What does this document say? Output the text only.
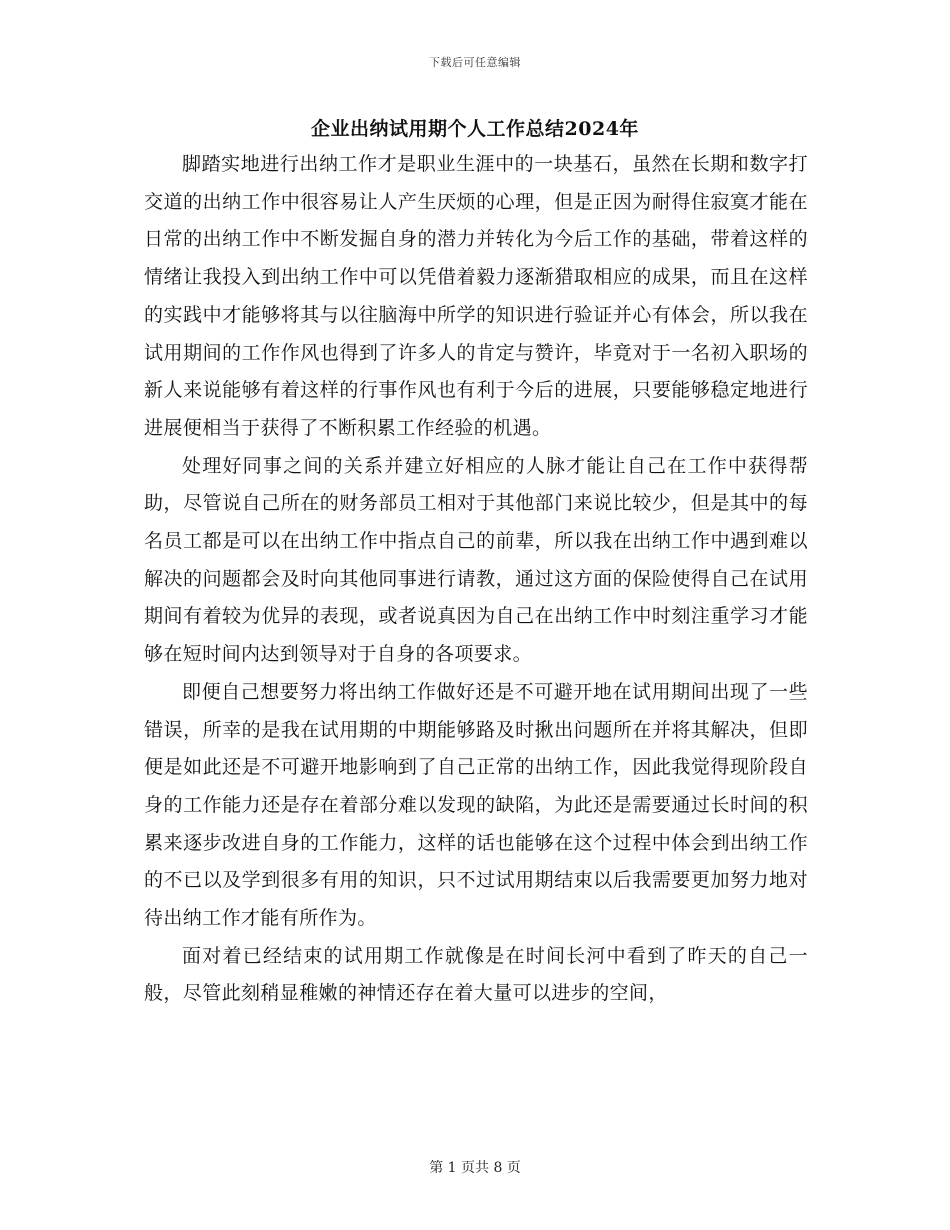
下载后可任意编辑
企业出纳试用期个人工作总结2024年

脚踏实地进行出纳工作才是职业生涯中的一块基石，虽然在长期和数字打交道的出纳工作中很容易让人产生厌烦的心理，但是正因为耐得住寂寞才能在日常的出纳工作中不断发掘自身的潜力并转化为今后工作的基础，带着这样的情绪让我投入到出纳工作中可以凭借着毅力逐渐猎取相应的成果，而且在这样的实践中才能够将其与以往脑海中所学的知识进行验证并心有体会，所以我在试用期间的工作作风也得到了许多人的肯定与赞许，毕竟对于一名初入职场的新人来说能够有着这样的行事作风也有利于今后的进展，只要能够稳定地进行进展便相当于获得了不断积累工作经验的机遇。

处理好同事之间的关系并建立好相应的人脉才能让自己在工作中获得帮助，尽管说自己所在的财务部员工相对于其他部门来说比较少，但是其中的每名员工都是可以在出纳工作中指点自己的前辈，所以我在出纳工作中遇到难以解决的问题都会及时向其他同事进行请教，通过这方面的保险使得自己在试用期间有着较为优异的表现，或者说真因为自己在出纳工作中时刻注重学习才能够在短时间内达到领导对于自身的各项要求。

即便自己想要努力将出纳工作做好还是不可避开地在试用期间出现了一些错误，所幸的是我在试用期的中期能够路及时揪出问题所在并将其解决，但即便是如此还是不可避开地影响到了自己正常的出纳工作，因此我觉得现阶段自身的工作能力还是存在着部分难以发现的缺陷，为此还是需要通过长时间的积累来逐步改进自身的工作能力，这样的话也能够在这个过程中体会到出纳工作的不已以及学到很多有用的知识，只不过试用期结束以后我需要更加努力地对待出纳工作才能有所作为。

面对着已经结束的试用期工作就像是在时间长河中看到了昨天的自己一般，尽管此刻稍显稚嫩的神情还存在着大量可以进步的空间，

第 1 页共 8 页
